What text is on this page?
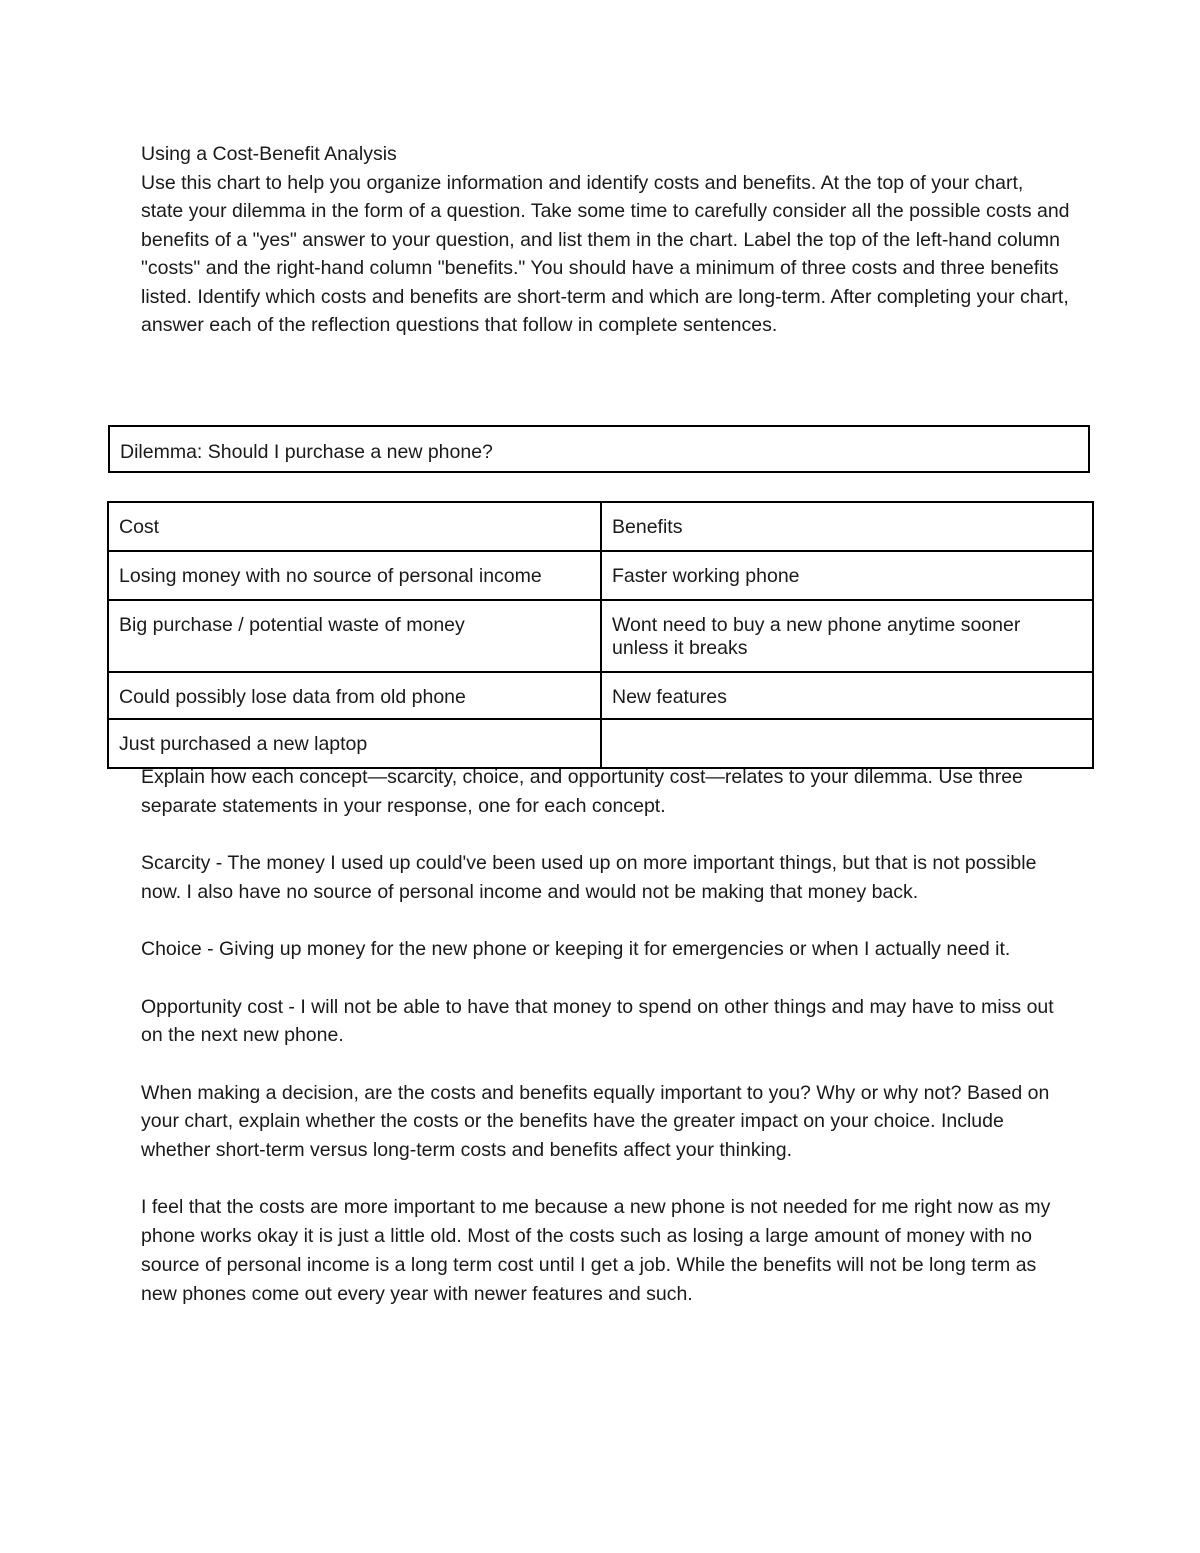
Using a Cost-Benefit Analysis

Use this chart to help you organize information and identify costs and benefits. At the top of your chart, state your dilemma in the form of a question. Take some time to carefully consider all the possible costs and benefits of a "yes" answer to your question, and list them in the chart. Label the top of the left-hand column "costs" and the right-hand column "benefits." You should have a minimum of three costs and three benefits listed. Identify which costs and benefits are short-term and which are long-term. After completing your chart, answer each of the reflection questions that follow in complete sentences.

Dilemma: Should I purchase a new phone?
Cost	Benefits
Losing money with no source of personal income	Faster working phone
Big purchase / potential waste of money	Wont need to buy a new phone anytime sooner unless it breaks
Could possibly lose data from old phone	New features
Just purchased a new laptop	

Explain how each concept—scarcity, choice, and opportunity cost—relates to your dilemma. Use three separate statements in your response, one for each concept.

Scarcity - The money I used up could've been used up on more important things, but that is not possible now. I also have no source of personal income and would not be making that money back.

Choice - Giving up money for the new phone or keeping it for emergencies or when I actually need it.

Opportunity cost - I will not be able to have that money to spend on other things and may have to miss out on the next new phone.

When making a decision, are the costs and benefits equally important to you? Why or why not? Based on your chart, explain whether the costs or the benefits have the greater impact on your choice. Include whether short-term versus long-term costs and benefits affect your thinking.

I feel that the costs are more important to me because a new phone is not needed for me right now as my phone works okay it is just a little old. Most of the costs such as losing a large amount of money with no source of personal income is a long term cost until I get a job. While the benefits will not be long term as new phones come out every year with newer features and such.
